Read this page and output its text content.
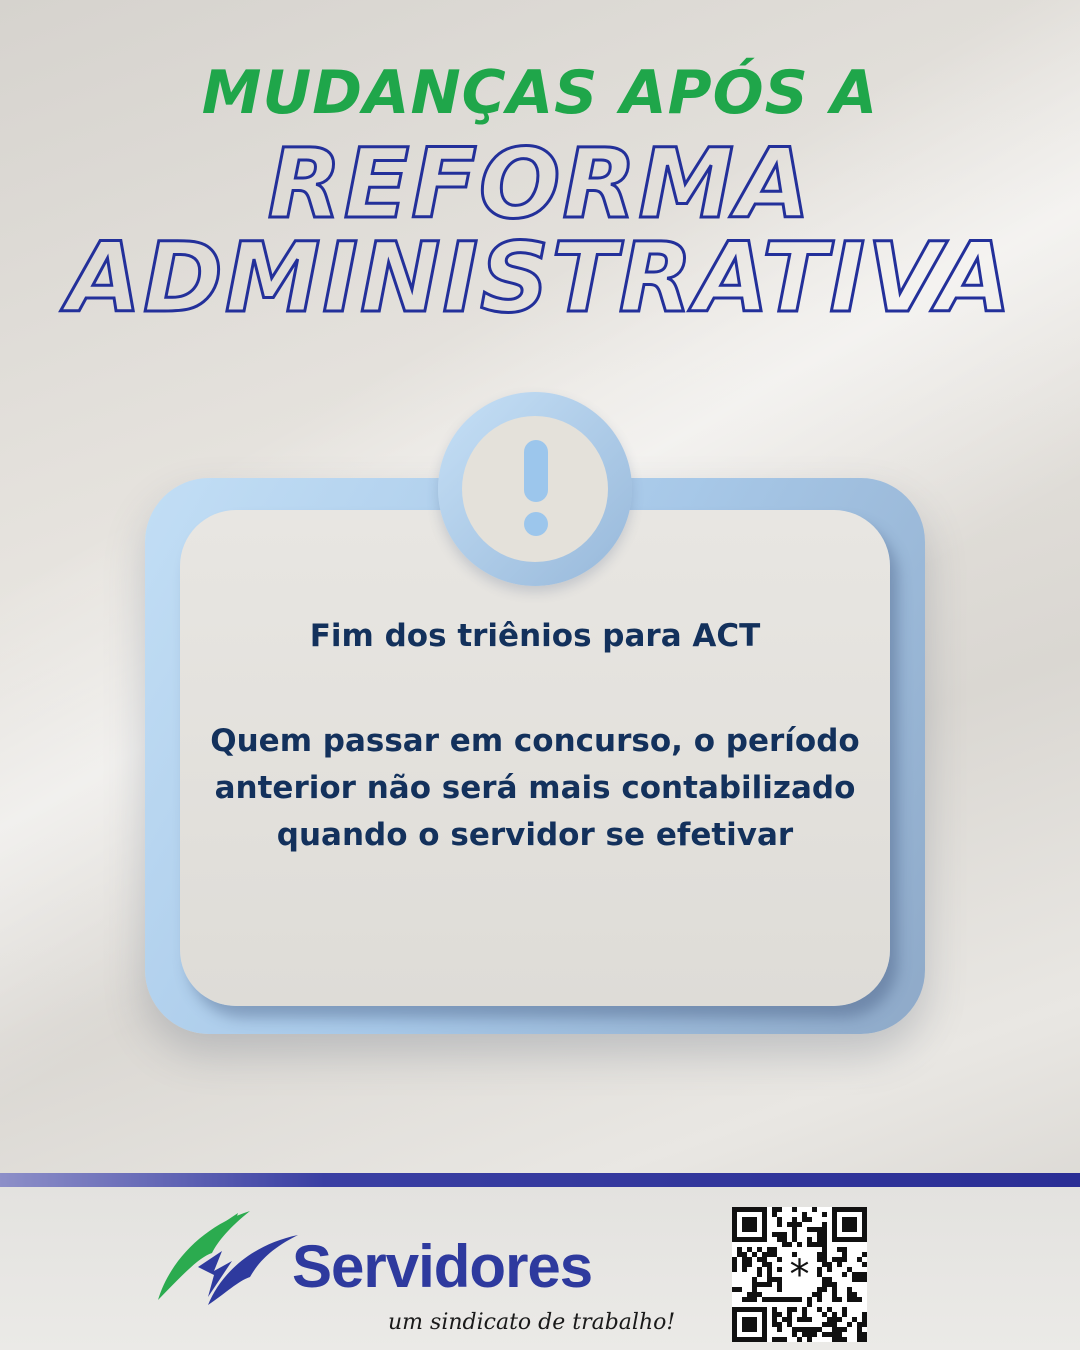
MUDANÇAS APÓS A
REFORMA
ADMINISTRATIVA
Fim dos triênios para ACT
Quem passar em concurso, o período anterior não será mais contabilizado quando o servidor se efetivar
Servidores
um sindicato de trabalho!
*
